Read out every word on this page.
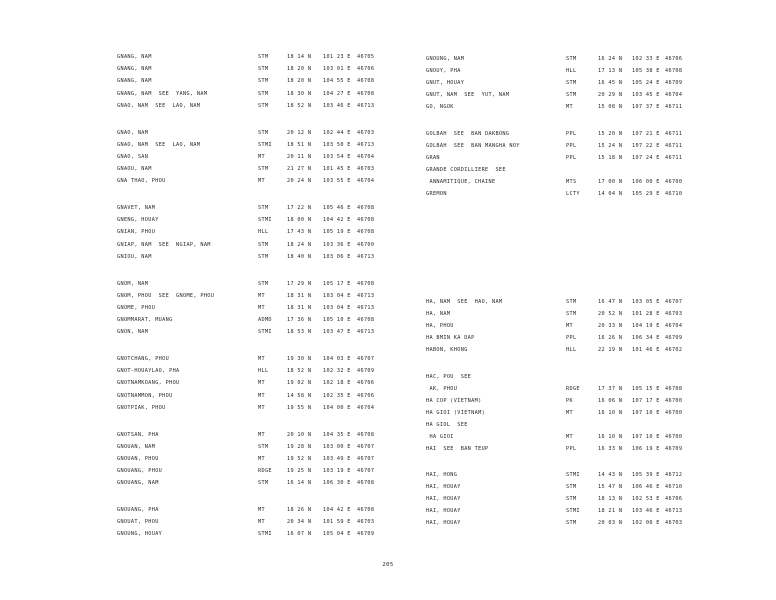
GNANG, NAM	STM	18 14 N 101 23 E 46705
GNANG, NAM	STM	18 20 N 103 01 E 46706
GNANG, NAM	STM	18 20 N 104 55 E 46708
GNANG, NAM  SEE  YANG, NAM	STM	18 30 N 104 27 E 46708
GNAO, NAM  SEE  LAO, NAM	STM	18 52 N 103 46 E 46713
GNAO, NAM	STM	20 12 N 102 44 E 46703
GNAO, NAM  SEE  LAO, NAM	STMI	18 51 N 103 50 E 46713
GNAO, SAN	MT	20 11 N 103 54 E 46704
GNAOU, NAM	STM	21 27 N 101 45 E 46703
GNA THAO, PHOU	MT	20 24 N 103 55 E 46704
GNAVET, NAM	STM	17 22 N 105 46 E 46708
GNENG, HOUAY	STMI	18 00 N 104 42 E 46708
GNIAN, PHOU	HLL	17 43 N 105 19 E 46708
GNIAP, NAM  SEE  NGIAP, NAM	STM	18 24 N 103 36 E 46700
GNIOU, NAM	STM	18 40 N 103 06 E 46713
GNOM, NAM	STM	17 29 N 105 17 E 46708
GNOM, PHOU  SEE  GNOME, PHOU	MT	18 31 N 103 04 E 46713
GNOME, PHOU	MT	18 31 N 103 04 E 46713
GNOMMARAT, MUANG	ADMD	17 36 N 105 10 E 46708
GNON, NAM	STMI	18 53 N 103 47 E 46713
GNOTCHANG, PHOU	MT	19 30 N 104 03 E 46707
GNOT-HOUAYLAO, PHA	HLL	18 52 N 102 32 E 46709
GNOTNAMKOANG, PHOU	MT	19 02 N 102 18 E 46706
GNOTNAMMON, PHOU	MT	14 58 N 102 35 E 46706
GNOTPIAK, PHOU	MT	19 55 N 104 00 E 46704
GNOTSAN, PHA	MT	20 10 N 104 35 E 46708
GNOUAN, NAM	STM	19 28 N 103 00 E 46707
GNOUAN, PHOU	MT	19 52 N 103 49 E 46707
GNOUANG, PHOU	RDGE	19 25 N 103 19 E 46707
GNOUANG, NAM	STM	16 14 N 106 30 E 46708
GNOUANG, PHA	MT	18 26 N 104 42 E 46708
GNOUAT, PHOU	MT	20 34 N 101 59 E 46703
GNOUNG, HOUAY	STMI	16 07 N 105 04 E 46709
GNOUNG, NAM	STM	16 24 N 102 33 E 46706
GNOUY, PHA	HLL	17 13 N 105 38 E 46708
GNUT, HOUAY	STM	16 45 N 105 24 E 46709
GNUT, NAM  SEE  YUT, NAM	STM	20 29 N 103 45 E 46704
GO, NGOK	MT	15 08 N 107 37 E 46711
GOLBAH  SEE  BAN DAKBONG	PPL	15 20 N 107 21 E 46711
GOLBAH  SEE  BAN MANGHA NOY	PPL	15 24 N 107 22 E 46711
GRAN	PPL	15 18 N 107 24 E 46711
GRANDE CORDILLIERE  SEE
ANNAMITIQUE, CHAINE	MTS	17 00 N 106 00 E 46700
GREMON	LCTY	14 04 N 105 29 E 46710
HA, NAM  SEE  HAO, NAM	STM	16 47 N 103 05 E 46707
HA, NAM	STM	20 52 N 101 28 E 46703
HA, PHOU	MT	20 33 N 104 19 E 46704
HA BMIN KA DAP	PPL	16 26 N 106 34 E 46709
HABON, KHONG	HLL	22 19 N 101 46 E 46702
HAC, POU  SEE
AK, PHOU	RDGE	17 37 N 105 15 E 46708
HA COP (VIETNAM)	PK	16 06 N 107 17 E 46700
HA GIOI (VIETNAM)	MT	16 10 N 107 10 E 46700
HA GIOL  SEE
HA GIOI	MT	16 10 N 107 10 E 46700
HAI  SEE  BAN TEUP	PPL	16 33 N 106 19 E 46709
HAI, HONG	STMI	14 43 N 105 39 E 46712
HAI, HOUAY	STM	15 47 N 106 46 E 46710
HAI, HOUAY	STM	18 13 N 102 53 E 46706
HAI, HOUAY	STMI	18 21 N 103 46 E 46713
HAI, HOUAY	STM	20 03 N 102 00 E 46703
205
